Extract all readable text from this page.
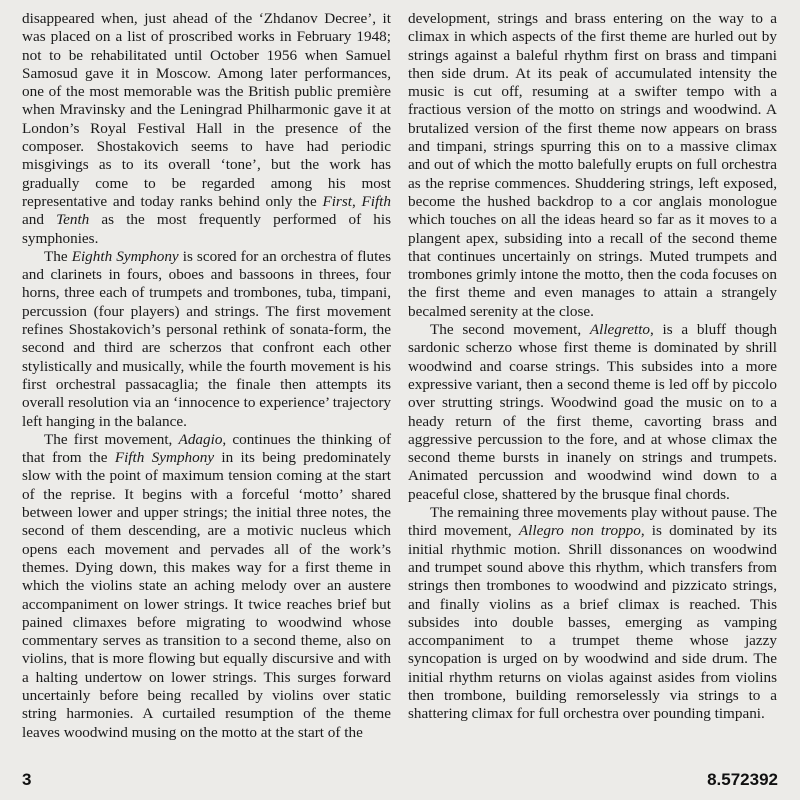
disappeared when, just ahead of the ‘Zhdanov Decree’, it was placed on a list of proscribed works in February 1948; not to be rehabilitated until October 1956 when Samuel Samosud gave it in Moscow. Among later performances, one of the most memorable was the British public première when Mravinsky and the Leningrad Philharmonic gave it at London’s Royal Festival Hall in the presence of the composer. Shostakovich seems to have had periodic misgivings as to its overall ‘tone’, but the work has gradually come to be regarded among his most representative and today ranks behind only the First, Fifth and Tenth as the most frequently performed of his symphonies.

The Eighth Symphony is scored for an orchestra of flutes and clarinets in fours, oboes and bassoons in threes, four horns, three each of trumpets and trombones, tuba, timpani, percussion (four players) and strings. The first movement refines Shostakovich’s personal rethink of sonata-form, the second and third are scherzos that confront each other stylistically and musically, while the fourth movement is his first orchestral passacaglia; the finale then attempts its overall resolution via an ‘innocence to experience’ trajectory left hanging in the balance.

The first movement, Adagio, continues the thinking of that from the Fifth Symphony in its being predominately slow with the point of maximum tension coming at the start of the reprise. It begins with a forceful ‘motto’ shared between lower and upper strings; the initial three notes, the second of them descending, are a motivic nucleus which opens each movement and pervades all of the work’s themes. Dying down, this makes way for a first theme in which the violins state an aching melody over an austere accompaniment on lower strings. It twice reaches brief but pained climaxes before migrating to woodwind whose commentary serves as transition to a second theme, also on violins, that is more flowing but equally discursive and with a halting undertow on lower strings. This surges forward uncertainly before being recalled by violins over static string harmonies. A curtailed resumption of the theme leaves woodwind musing on the motto at the start of the

development, strings and brass entering on the way to a climax in which aspects of the first theme are hurled out by strings against a baleful rhythm first on brass and timpani then side drum. At its peak of accumulated intensity the music is cut off, resuming at a swifter tempo with a fractious version of the motto on strings and woodwind. A brutalized version of the first theme now appears on brass and timpani, strings spurring this on to a massive climax and out of which the motto balefully erupts on full orchestra as the reprise commences. Shuddering strings, left exposed, become the hushed backdrop to a cor anglais monologue which touches on all the ideas heard so far as it moves to a plangent apex, subsiding into a recall of the second theme that continues uncertainly on strings. Muted trumpets and trombones grimly intone the motto, then the coda focuses on the first theme and even manages to attain a strangely becalmed serenity at the close.

The second movement, Allegretto, is a bluff though sardonic scherzo whose first theme is dominated by shrill woodwind and coarse strings. This subsides into a more expressive variant, then a second theme is led off by piccolo over strutting strings. Woodwind goad the music on to a heady return of the first theme, cavorting brass and aggressive percussion to the fore, and at whose climax the second theme bursts in inanely on strings and trumpets. Animated percussion and woodwind wind down to a peaceful close, shattered by the brusque final chords.

The remaining three movements play without pause. The third movement, Allegro non troppo, is dominated by its initial rhythmic motion. Shrill dissonances on woodwind and trumpet sound above this rhythm, which transfers from strings then trombones to woodwind and pizzicato strings, and finally violins as a brief climax is reached. This subsides into double basses, emerging as vamping accompaniment to a trumpet theme whose jazzy syncopation is urged on by woodwind and side drum. The initial rhythm returns on violas against asides from violins then trombone, building remorselessly via strings to a shattering climax for full orchestra over pounding timpani.

3	8.572392
